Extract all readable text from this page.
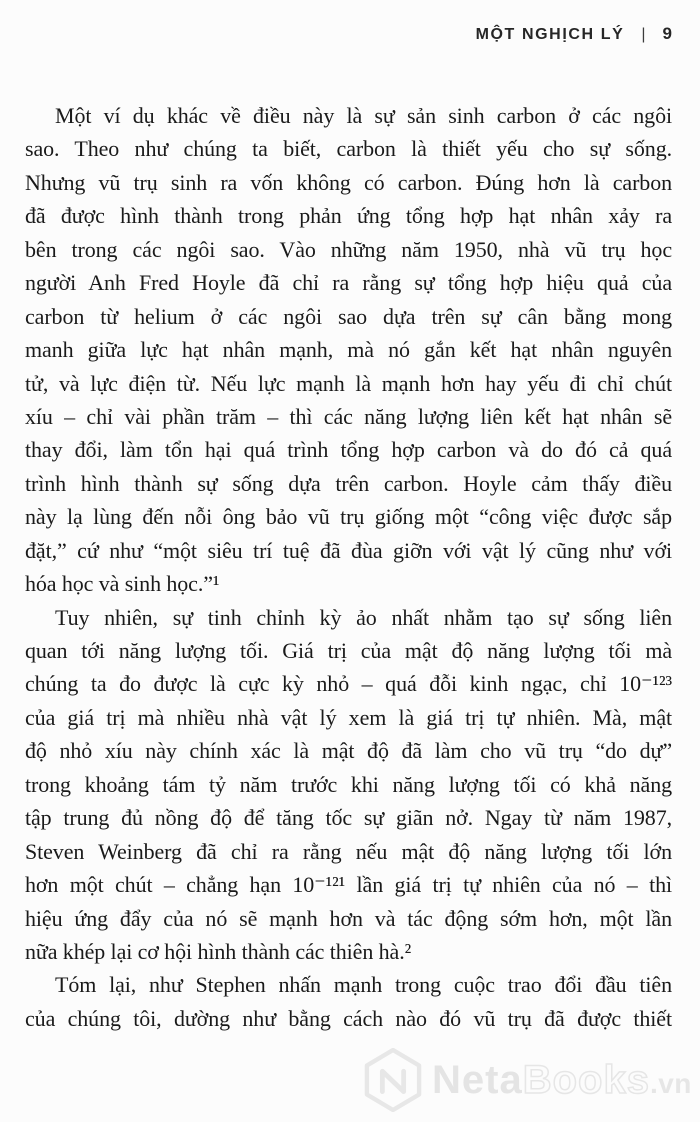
MỘT NGHỊCH LÝ | 9
Một ví dụ khác về điều này là sự sản sinh carbon ở các ngôi
sao. Theo như chúng ta biết, carbon là thiết yếu cho sự sống.
Nhưng vũ trụ sinh ra vốn không có carbon. Đúng hơn là carbon
đã được hình thành trong phản ứng tổng hợp hạt nhân xảy ra
bên trong các ngôi sao. Vào những năm 1950, nhà vũ trụ học
người Anh Fred Hoyle đã chỉ ra rằng sự tổng hợp hiệu quả của
carbon từ helium ở các ngôi sao dựa trên sự cân bằng mong
manh giữa lực hạt nhân mạnh, mà nó gắn kết hạt nhân nguyên
tử, và lực điện từ. Nếu lực mạnh là mạnh hơn hay yếu đi chỉ chút
xíu – chỉ vài phần trăm – thì các năng lượng liên kết hạt nhân sẽ
thay đổi, làm tổn hại quá trình tổng hợp carbon và do đó cả quá
trình hình thành sự sống dựa trên carbon. Hoyle cảm thấy điều
này lạ lùng đến nỗi ông bảo vũ trụ giống một “công việc được sắp
đặt,” cứ như “một siêu trí tuệ đã đùa giỡn với vật lý cũng như với
hóa học và sinh học.”¹
Tuy nhiên, sự tinh chỉnh kỳ ảo nhất nhằm tạo sự sống liên
quan tới năng lượng tối. Giá trị của mật độ năng lượng tối mà
chúng ta đo được là cực kỳ nhỏ – quá đỗi kinh ngạc, chỉ 10⁻¹²³
của giá trị mà nhiều nhà vật lý xem là giá trị tự nhiên. Mà, mật
độ nhỏ xíu này chính xác là mật độ đã làm cho vũ trụ “do dự”
trong khoảng tám tỷ năm trước khi năng lượng tối có khả năng
tập trung đủ nồng độ để tăng tốc sự giãn nở. Ngay từ năm 1987,
Steven Weinberg đã chỉ ra rằng nếu mật độ năng lượng tối lớn
hơn một chút – chẳng hạn 10⁻¹²¹ lần giá trị tự nhiên của nó – thì
hiệu ứng đẩy của nó sẽ mạnh hơn và tác động sớm hơn, một lần
nữa khép lại cơ hội hình thành các thiên hà.²
Tóm lại, như Stephen nhấn mạnh trong cuộc trao đổi đầu tiên
của chúng tôi, dường như bằng cách nào đó vũ trụ đã được thiết
NetaBooks.vn
